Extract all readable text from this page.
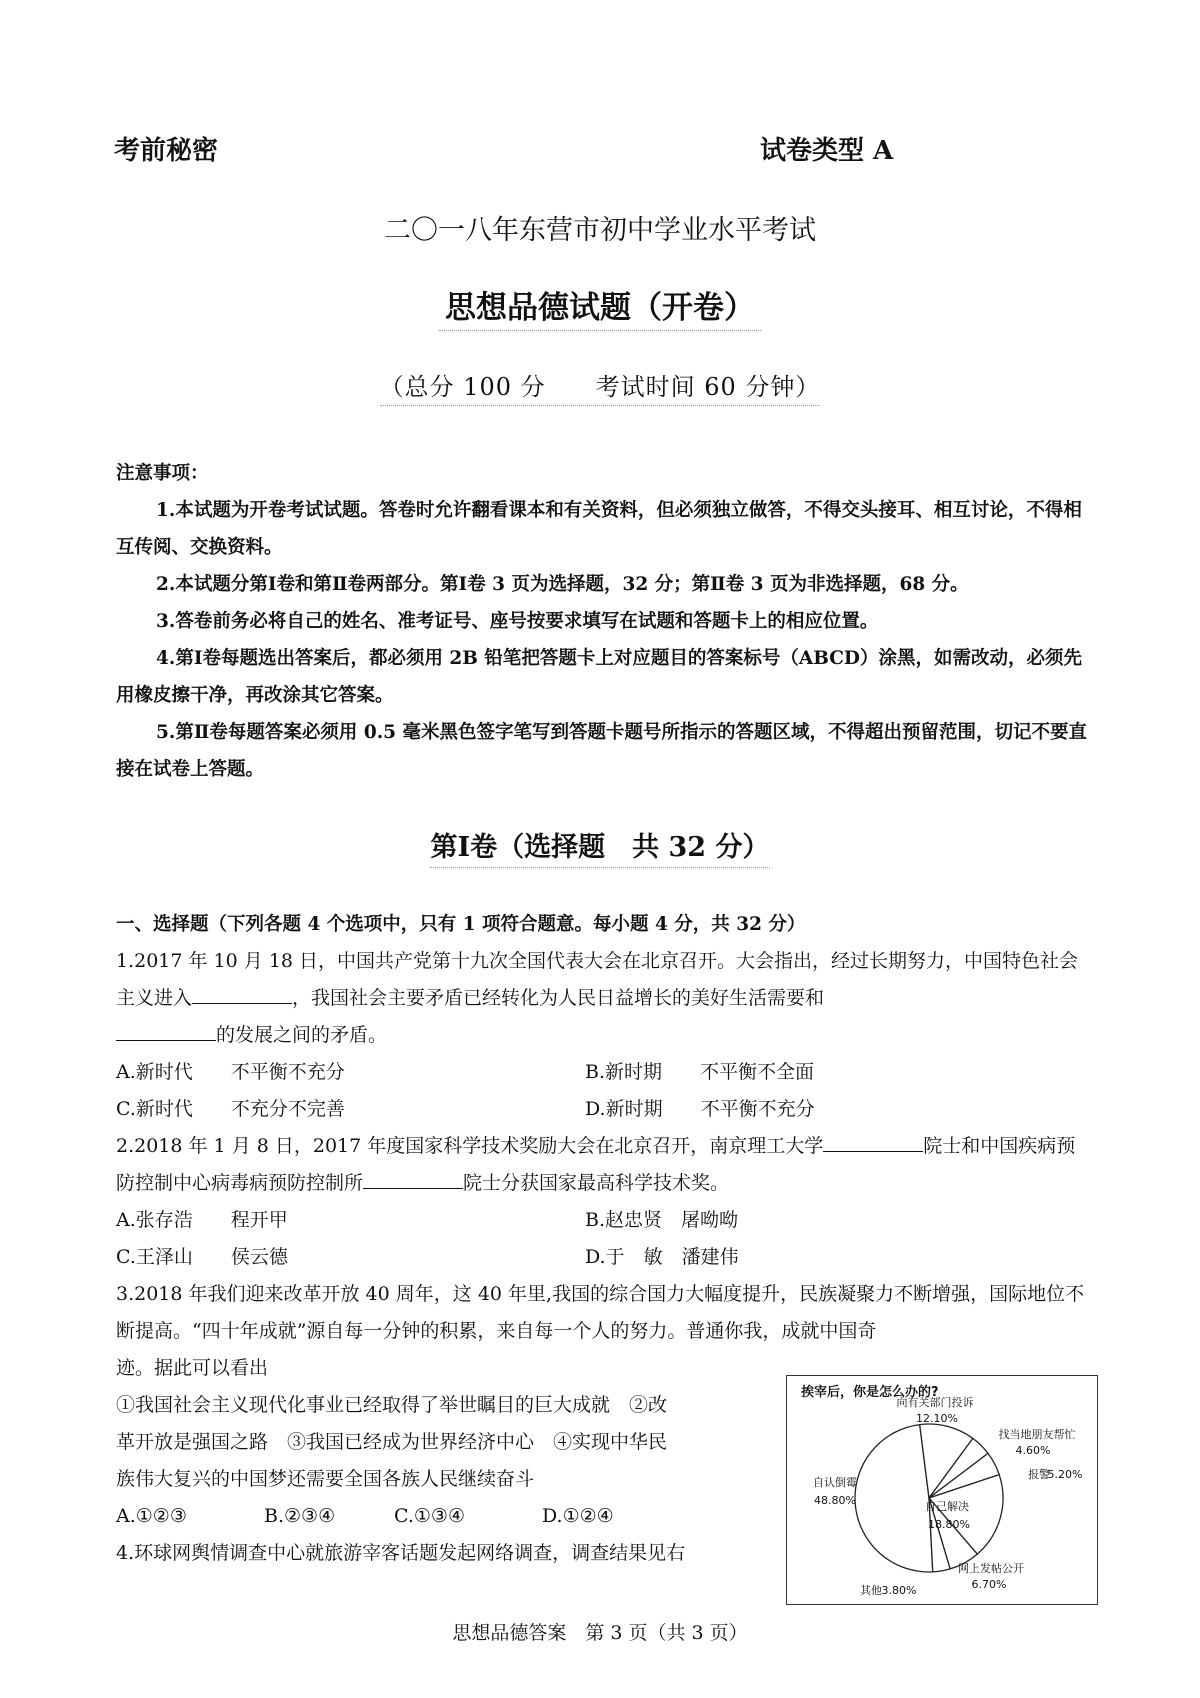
考前秘密	试卷类型 A
二〇一八年东营市初中学业水平考试
思想品德试题（开卷）
（总分 100 分　　考试时间 60 分钟）
注意事项：

1.本试题为开卷考试试题。答卷时允许翻看课本和有关资料，但必须独立做答，不得交头接耳、相互讨论，不得相互传阅、交换资料。

2.本试题分第Ⅰ卷和第Ⅱ卷两部分。第Ⅰ卷 3 页为选择题，32 分；第Ⅱ卷 3 页为非选择题，68 分。

3.答卷前务必将自己的姓名、准考证号、座号按要求填写在试题和答题卡上的相应位置。

4.第Ⅰ卷每题选出答案后，都必须用 2B 铅笔把答题卡上对应题目的答案标号（ABCD）涂黑，如需改动，必须先用橡皮擦干净，再改涂其它答案。

5.第Ⅱ卷每题答案必须用 0.5 毫米黑色签字笔写到答题卡题号所指示的答题区域，不得超出预留范围，切记不要直接在试卷上答题。

第Ⅰ卷（选择题　共 32 分）
一、选择题（下列各题 4 个选项中，只有 1 项符合题意。每小题 4 分，共 32 分）

1.2017 年 10 月 18 日，中国共产党第十九次全国代表大会在北京召开。大会指出，经过长期努力，中国特色社会主义进入	，我国社会主要矛盾已经转化为人民日益增长的美好生活需要和
的发展之间的矛盾。

A.新时代　　不平衡不充分	B.新时期　　不平衡不全面
C.新时代　　不充分不完善	D.新时期　　不平衡不充分

2.2018 年 1 月 8 日，2017 年度国家科学技术奖励大会在北京召开，南京理工大学	院士和中国疾病预防控制中心病毒病预防控制所	院士分获国家最高科学技术奖。

A.张存浩　　程开甲	B.赵忠贤　屠呦呦
C.王泽山　　侯云德	D.于　敏　潘建伟

3.2018 年我们迎来改革开放 40 周年，这 40 年里,我国的综合国力大幅度提升，民族凝聚力不断增强，国际地位不断提高。“四十年成就”源自每一分钟的积累，来自每一个人的努力。普通你我，成就中国奇

迹。据此可以看出

①我国社会主义现代化事业已经取得了举世瞩目的巨大成就　②改

革开放是强国之路　③我国已经成为世界经济中心　④实现中华民

族伟大复兴的中国梦还需要全国各族人民继续奋斗

A.①②③	B.②③④	C.①③④	D.①②④

4.环球网舆情调查中心就旅游宰客话题发起网络调查，调查结果见右

挨宰后，你是怎么办的?
自认倒霉
48.80%
向有关部门投诉
12.10%
找当地朋友帮忙
4.60%
报警
5.20%
自己解决
18.80%
网上发帖公开
6.70%
其他 3.80%
思想品德答案　第 3 页（共 3 页）
